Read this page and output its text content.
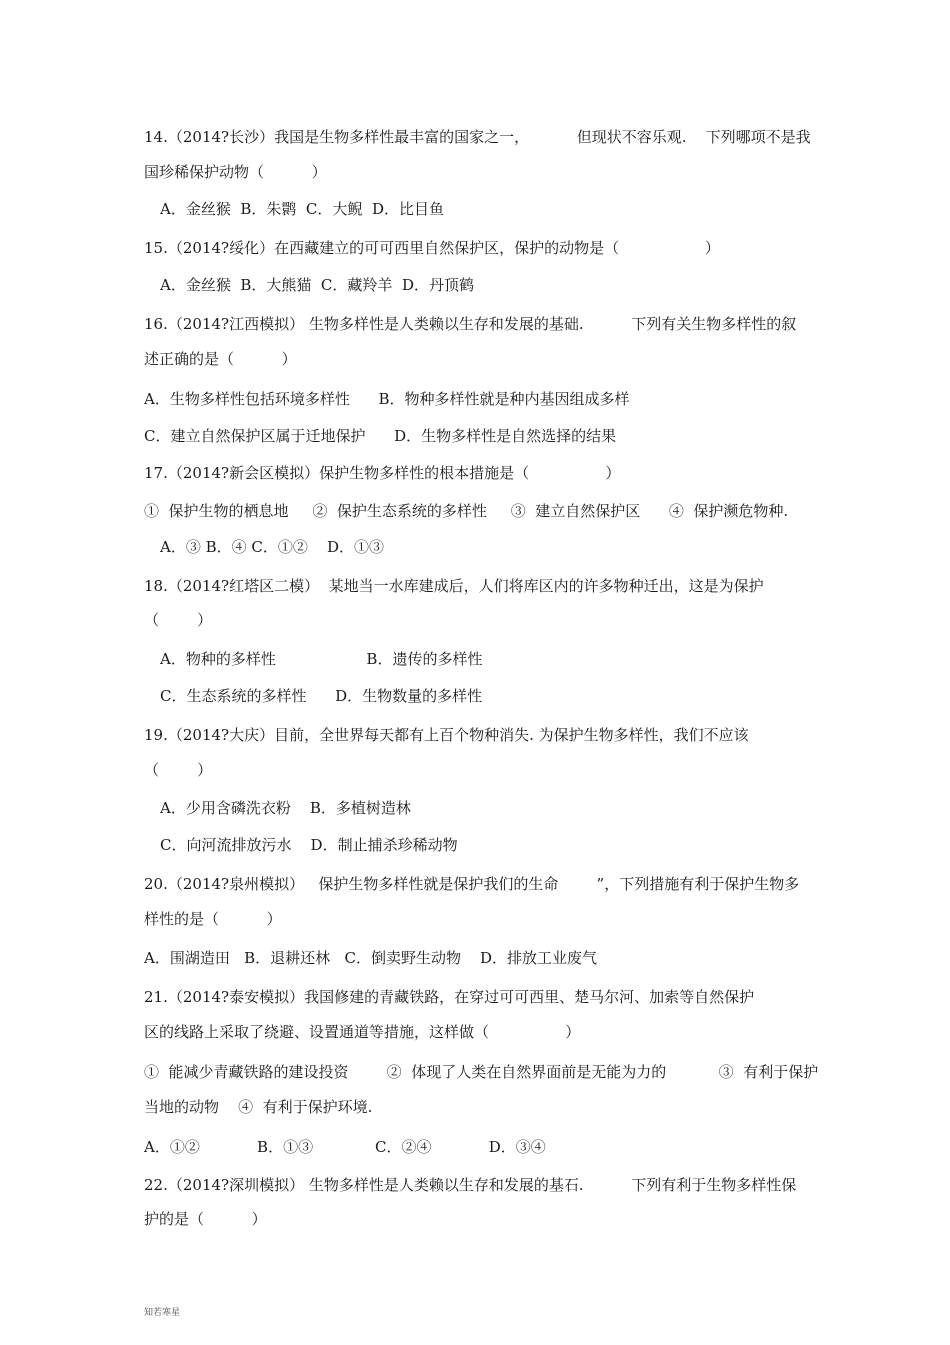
14.（2014?长沙）我国是生物多样性最丰富的国家之一，          但现状不容乐观.    下列哪项不是我
国珍稀保护动物（          ）
A．金丝猴  B．朱鹮  C．大鲵  D．比目鱼
15.（2014?绥化）在西藏建立的可可西里自然保护区，保护的动物是（                  ）
A．金丝猴  B．大熊猫  C．藏羚羊  D．丹顶鹤
16.（2014?江西模拟） 生物多样性是人类赖以生存和发展的基础.          下列有关生物多样性的叙
述正确的是（          ）
A．生物多样性包括环境多样性      B．物种多样性就是种内基因组成多样
C．建立自然保护区属于迁地保护      D．生物多样性是自然选择的结果
17.（2014?新会区模拟）保护生物多样性的根本措施是（                ）
①  保护生物的栖息地     ②  保护生态系统的多样性     ③  建立自然保护区      ④  保护濒危物种.
A．③ B．④ C．①②    D．①③
18.（2014?红塔区二模）  某地当一水库建成后，人们将库区内的许多物种迁出，这是为保护
（        ）
A．物种的多样性                   B．遗传的多样性
C．生态系统的多样性      D．生物数量的多样性
19.（2014?大庆）目前，全世界每天都有上百个物种消失. 为保护生物多样性，我们不应该
（        ）
A．少用含磷洗衣粉    B．多植树造林
C．向河流排放污水    D．制止捕杀珍稀动物
20.（2014?泉州模拟）   保护生物多样性就是保护我们的生命        ”，下列措施有利于保护生物多
样性的是（          ）
A．围湖造田   B．退耕还林   C．倒卖野生动物    D．排放工业废气
21.（2014?泰安模拟）我国修建的青藏铁路，在穿过可可西里、楚马尔河、加索等自然保护
区的线路上采取了绕避、设置通道等措施，这样做（                ）
①  能减少青藏铁路的建设投资        ②  体现了人类在自然界面前是无能为力的           ③  有利于保护
当地的动物    ④  有利于保护环境.
A．①②            B．①③             C．②④            D．③④
22.（2014?深圳模拟） 生物多样性是人类赖以生存和发展的基石.          下列有利于生物多样性保
护的是（          ）
知若寒星
